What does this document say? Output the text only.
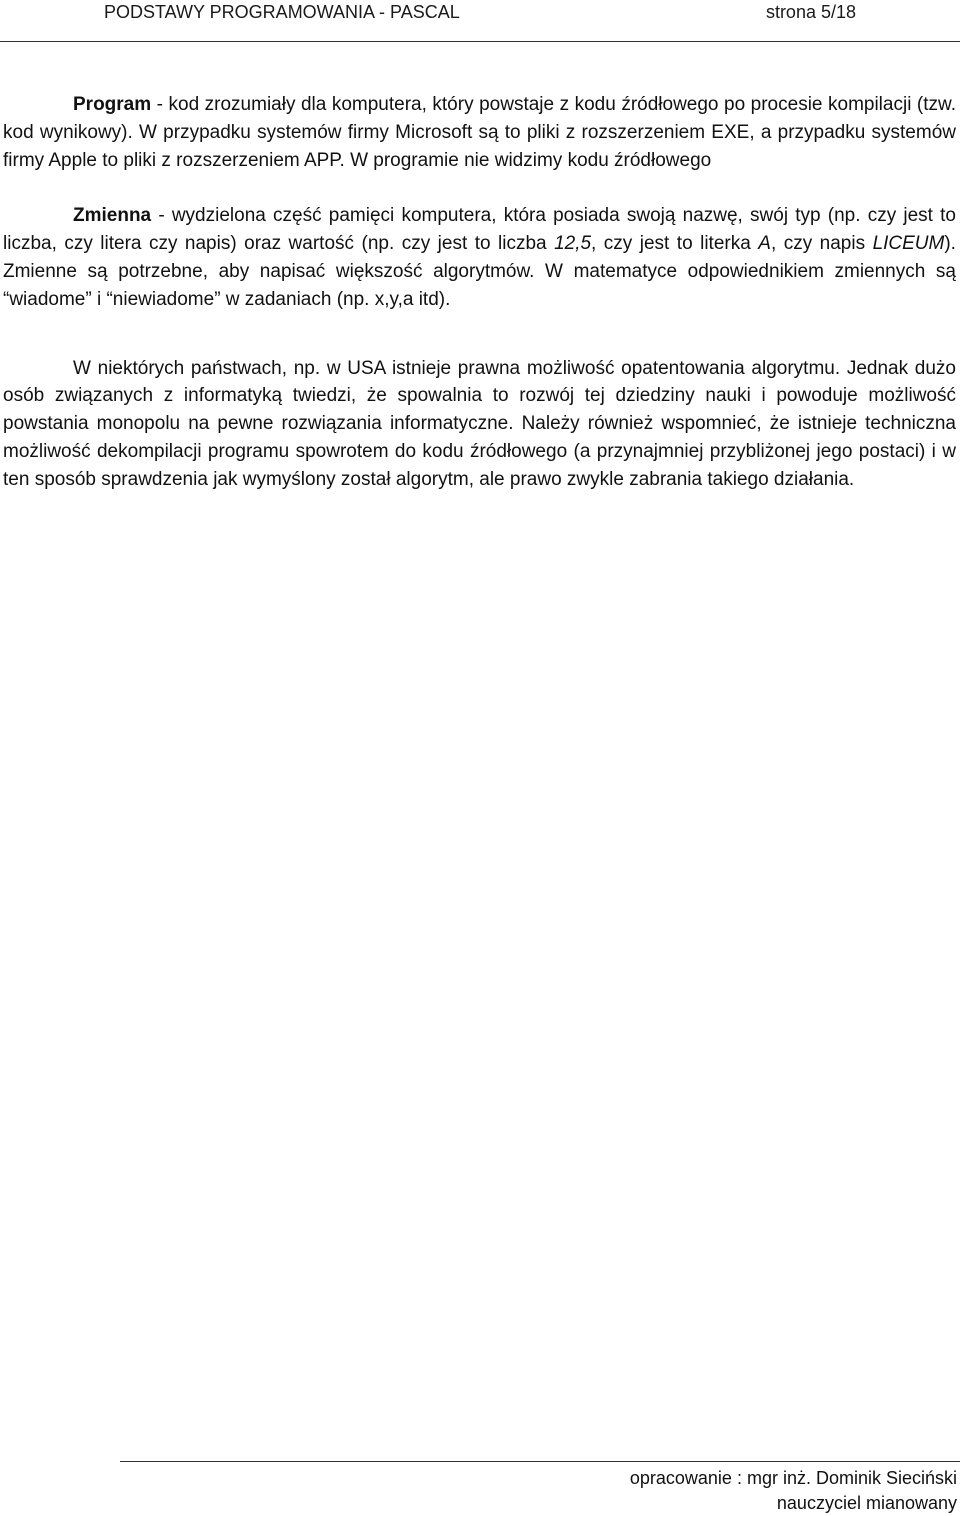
PODSTAWY PROGRAMOWANIA - PASCAL	strona 5/18

Program - kod zrozumiały dla komputera, który powstaje z kodu źródłowego po procesie kompilacji (tzw. kod wynikowy). W przypadku systemów firmy Microsoft są to pliki z rozszerzeniem EXE, a przypadku systemów firmy Apple to pliki z rozszerzeniem APP. W programie nie widzimy kodu źródłowego

Zmienna - wydzielona część pamięci komputera, która posiada swoją nazwę, swój typ (np. czy jest to liczba, czy litera czy napis) oraz wartość (np. czy jest to liczba 12,5, czy jest to literka A, czy napis LICEUM). Zmienne są potrzebne, aby napisać większość algorytmów. W matematyce odpowiednikiem zmiennych są “wiadome” i “niewiadome” w zadaniach (np. x,y,a itd).

W niektórych państwach, np. w USA istnieje prawna możliwość opatentowania algorytmu. Jednak dużo osób związanych z informatyką twiedzi, że spowalnia to rozwój tej dziedziny nauki i powoduje możliwość powstania monopolu na pewne rozwiązania informatyczne. Należy również wspomnieć, że istnieje techniczna możliwość dekompilacji programu spowrotem do kodu źródłowego (a przynajmniej przybliżonej jego postaci) i w ten sposób sprawdzenia jak wymyślony został algorytm, ale prawo zwykle zabrania takiego działania.

opracowanie : mgr inż. Dominik Sieciński
nauczyciel mianowany
